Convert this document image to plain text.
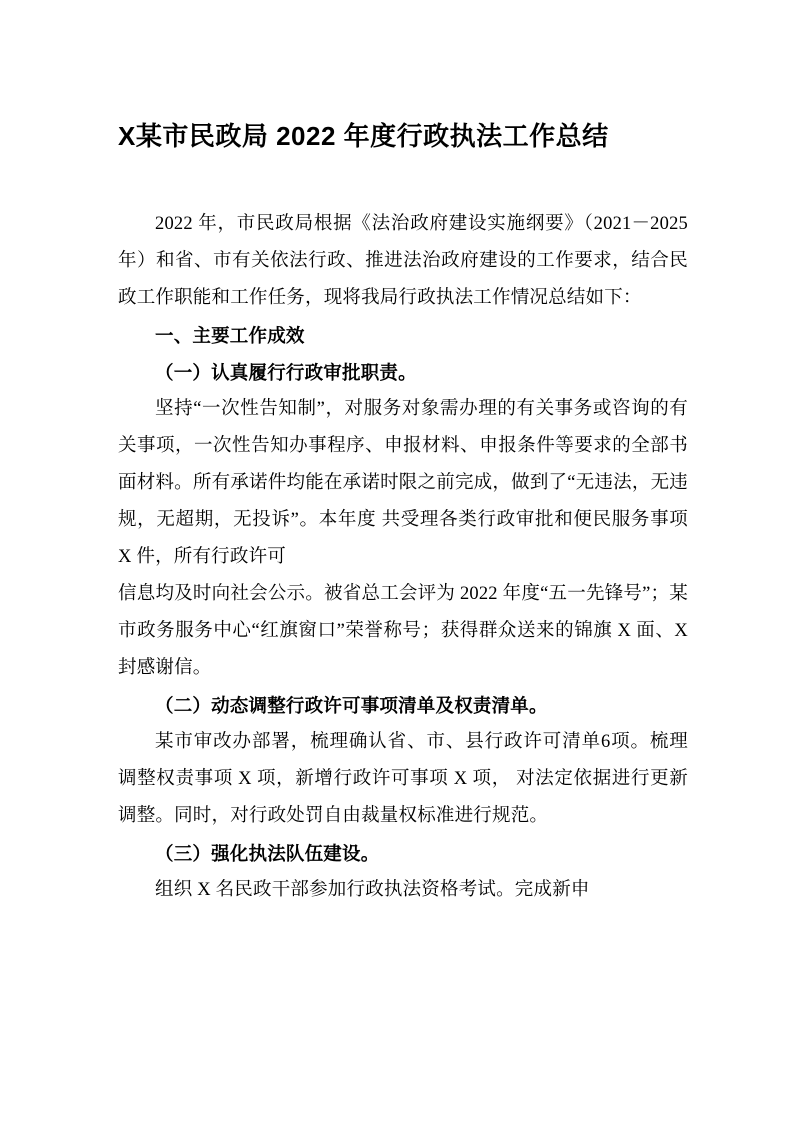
X某市民政局 2022 年度行政执法工作总结

2022 年，市民政局根据《法治政府建设实施纲要》（2021－2025 年）和省、市有关依法行政、推进法治政府建设的工作要求，结合民政工作职能和工作任务，现将我局行政执法工作情况总结如下：

一、主要工作成效

（一）认真履行行政审批职责。

坚持“一次性告知制”，对服务对象需办理的有关事务或咨询的有关事项，一次性告知办事程序、申报材料、申报条件等要求的全部书面材料。所有承诺件均能在承诺时限之前完成，做到了“无违法，无违规，无超期，无投诉”。本年度 共受理各类行政审批和便民服务事项 X 件，所有行政许可

信息均及时向社会公示。被省总工会评为 2022 年度“五一先锋号”；某市政务服务中心“红旗窗口”荣誉称号；获得群众送来的锦旗 X 面、X 封感谢信。

（二）动态调整行政许可事项清单及权责清单。

某市审改办部署，梳理确认省、市、县行政许可清单6项。梳理调整权责事项 X 项，新增行政许可事项 X 项， 对法定依据进行更新调整。同时，对行政处罚自由裁量权标准进行规范。

（三）强化执法队伍建设。

组织 X 名民政干部参加行政执法资格考试。完成新申
